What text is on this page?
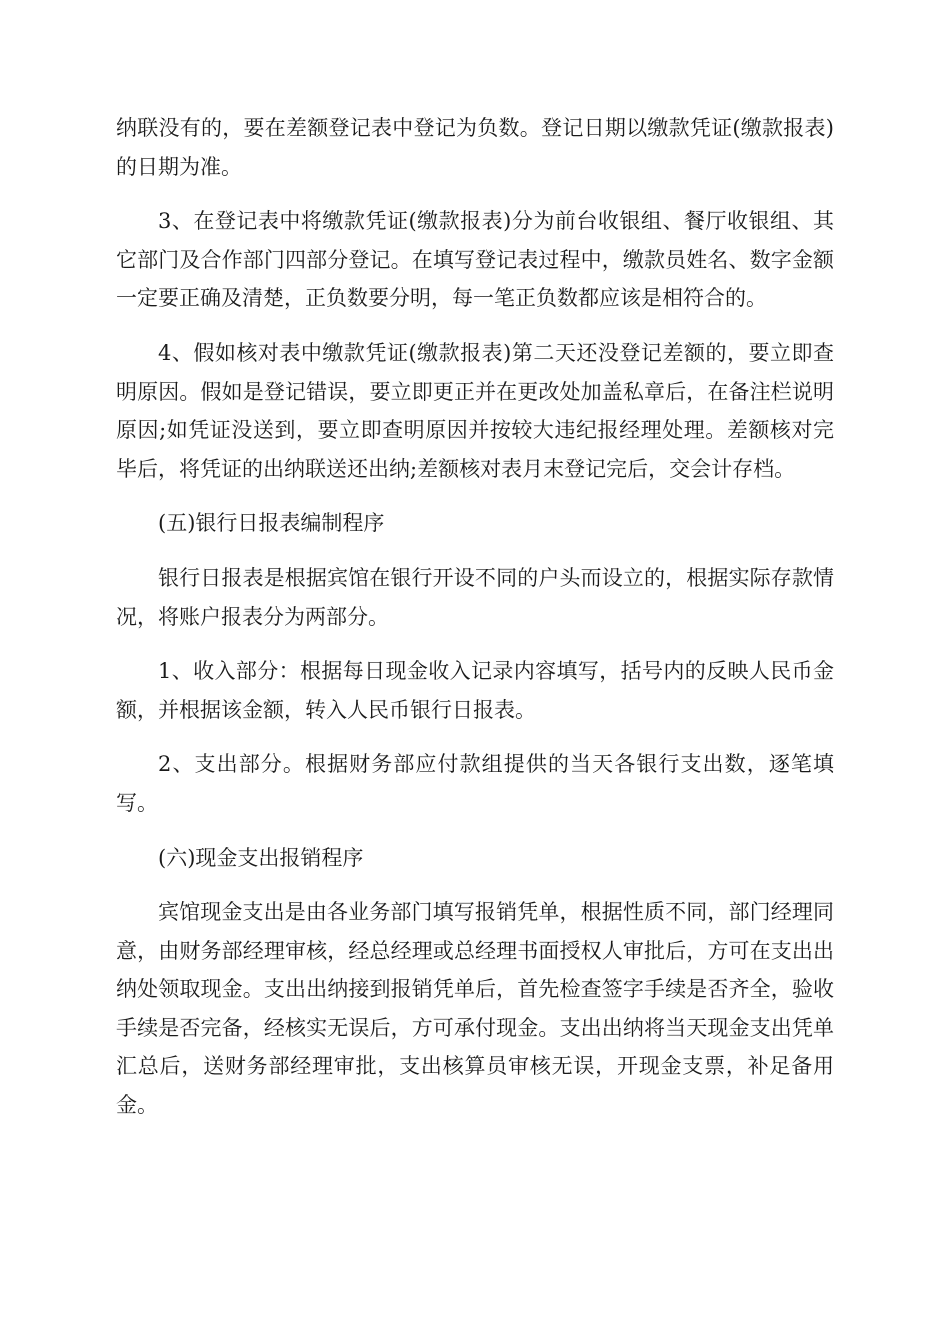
纳联没有的，要在差额登记表中登记为负数。登记日期以缴款凭证(缴款报表)的日期为准。

3、在登记表中将缴款凭证(缴款报表)分为前台收银组、餐厅收银组、其它部门及合作部门四部分登记。在填写登记表过程中，缴款员姓名、数字金额一定要正确及清楚，正负数要分明，每一笔正负数都应该是相符合的。

4、假如核对表中缴款凭证(缴款报表)第二天还没登记差额的，要立即查明原因。假如是登记错误，要立即更正并在更改处加盖私章后，在备注栏说明原因;如凭证没送到，要立即查明原因并按较大违纪报经理处理。差额核对完毕后，将凭证的出纳联送还出纳;差额核对表月末登记完后，交会计存档。

(五)银行日报表编制程序

银行日报表是根据宾馆在银行开设不同的户头而设立的，根据实际存款情况，将账户报表分为两部分。

1、收入部分：根据每日现金收入记录内容填写，括号内的反映人民币金额，并根据该金额，转入人民币银行日报表。

2、支出部分。根据财务部应付款组提供的当天各银行支出数，逐笔填写。

(六)现金支出报销程序

宾馆现金支出是由各业务部门填写报销凭单，根据性质不同，部门经理同意，由财务部经理审核，经总经理或总经理书面授权人审批后，方可在支出出纳处领取现金。支出出纳接到报销凭单后，首先检查签字手续是否齐全，验收手续是否完备，经核实无误后，方可承付现金。支出出纳将当天现金支出凭单汇总后，送财务部经理审批，支出核算员审核无误，开现金支票，补足备用金。
